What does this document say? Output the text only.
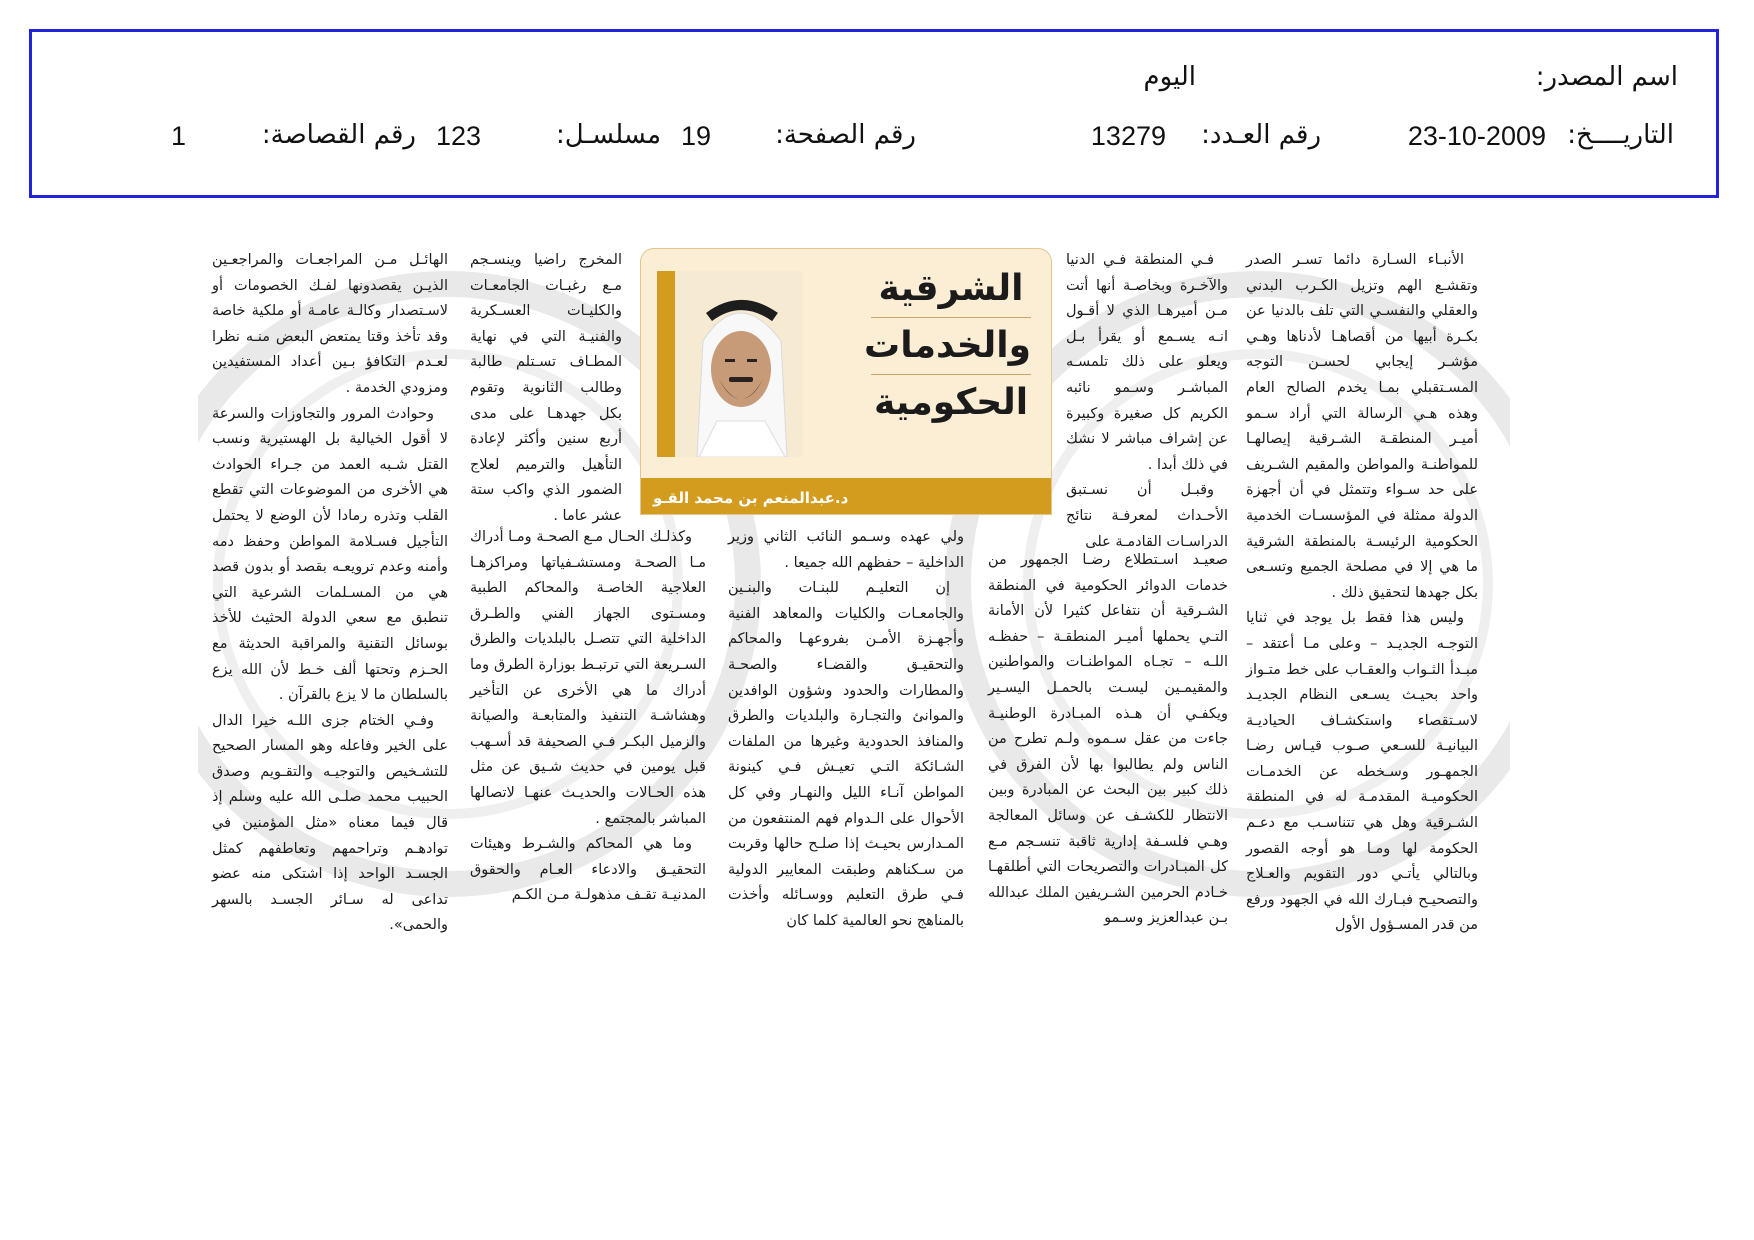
اسم المصدر:
اليوم
التاريــــخ:
23-10-2009
رقم العـدد:
13279
رقم الصفحة:
19
مسلسـل:
123
رقم القصاصة:
1

الأنبـاء السـارة دائما تسـر الصدر وتقشـع الهم وتزيل الكـرب البدني والعقلي والنفسـي التي تلف بالدنيا عن بكـرة أبيها من أقصاهـا لأدناها وهـي مؤشـر إيجابي لحسـن التوجه المسـتقبلي بمـا يخدم الصالح العام وهذه هـي الرسالة التي أراد سـمو أميـر المنطقـة الشـرقية إيصالهـا للمواطنـة والمواطن والمقيم الشـريف على حد سـواء وتتمثل في أن أجهزة الدولة ممثلة في المؤسسـات الخدمية الحكومية الرئيسـة بالمنطقة الشرقية ما هي إلا في مصلحة الجميع وتسـعى بكل جهدها لتحقيق ذلك .

وليس هذا فقط بل يوجد في ثنايا التوجـه الجديـد – وعلى مـا أعتقد – مبـدأ الثـواب والعقـاب على خط متـواز واحد بحيـث يسـعى النظام الجديـد لاسـتقصاء واستكشـاف الحياديـة البيانيـة للسـعي صـوب قيـاس رضـا الجمهـور وسـخطه عن الخدمـات الحكوميـة المقدمـة له في المنطقة الشـرقية وهل هي تتناسـب مع دعـم الحكومة لها ومـا هو أوجه القصور وبالتالي يأتـي دور التقويم والعـلاج والتصحيـح فبـارك الله في الجهود ورفع من قدر المسـؤول الأول

فـي المنطقة فـي الدنيا والآخـرة وبخاصـة أنها أتت مـن أميرهـا الذي لا أقـول انـه يسـمع أو يقرأ بـل ويعلو على ذلك تلمسـه المباشـر وسـمو نائبه الكريم كل صغيرة وكبيرة عن إشراف مباشر لا نشك في ذلك أبدا .

وقبـل أن نسـتبق الأحـداث لمعرفـة نتائج الدراسـات القادمـة على

صعيـد اسـتطلاع رضـا الجمهور من خدمات الدوائر الحكومية في المنطقة الشـرقية أن نتفاعل كثيرا لأن الأمانة التـي يحملها أميـر المنطقـة – حفظـه اللـه – تجـاه المواطنـات والمواطنين والمقيمـين ليسـت بالحمـل اليسـير ويكفـي أن هـذه المبـادرة الوطنيـة جاءت من عقل سـموه ولـم تطرح من الناس ولم يطالبوا بها لأن الفرق في ذلك كبير بين البحث عن المبادرة وبين الانتظار للكشـف عن وسائل المعالجة وهـي فلسـفة إدارية ثاقبة تنسـجم مـع كل المبـادرات والتصريحات التي أطلقهـا خـادم الحرمين الشـريفين الملك عبدالله بـن عبدالعزيز وسـمو

الشرقية
والخدمات
الحكومية
د.عبدالمنعم بن محمد القـو

ولي عهده وسـمو النائب الثاني وزير الداخلية – حفظهم الله جميعا .

إن التعليـم للبنـات والبنـين والجامعـات والكليات والمعاهد الفنية وأجهـزة الأمـن بفروعهـا والمحاكم والتحقيـق والقضـاء والصحـة والمطارات والحدود وشؤون الوافدين والموانئ والتجـارة والبلديات والطرق والمنافذ الحدودية وغيرها من الملفات الشـائكة التـي تعيـش فـي كينونة المواطن آنـاء الليل والنهـار وفي كل الأحوال على الـدوام فهم المنتفعون من المـدارس بحيـث إذا صلـح حالها وقربت من سـكناهم وطبقت المعايير الدولية فـي طرق التعليم ووسـائله وأخذت بالمناهج نحو العالمية كلما كان

المخرج راضيا وينسـجم مـع رغبـات الجامعـات والكليـات العسـكرية والفنيـة التي في نهاية المطـاف تسـتلم طالبة وطالب الثانوية وتقوم بكل جهدهـا على مدى أربع سنين وأكثر لإعادة التأهيل والترميم لعلاج الضمور الذي واكب ستة عشر عاما .

وكذلـك الحـال مـع الصحـة ومـا أدراك مـا الصحـة ومستشـفياتها ومراكزهـا العلاجية الخاصـة والمحاكم الطبية ومسـتوى الجهاز الفني والطـرق الداخلية التي تتصـل بالبلديات والطرق السـريعة التي ترتبـط بوزارة الطرق وما أدراك ما هي الأخرى عن التأخير وهشاشـة التنفيذ والمتابعـة والصيانة والزميل البكـر فـي الصحيفة قد أسـهب قبل يومين في حديث شـيق عن مثل هذه الحـالات والحديـث عنهـا لاتصالها المباشر بالمجتمع .

وما هي المحاكم والشـرط وهيئات التحقيـق والادعاء العـام والحقوق المدنيـة تقـف مذهولـة مـن الكـم

الهائـل مـن المراجعـات والمراجعـين الذيـن يقصدونها لفـك الخصومات أو لاسـتصدار وكالـة عامـة أو ملكية خاصة وقد تأخذ وقتا يمتعض البعض منـه نظرا لعـدم التكافؤ بـين أعداد المستفيدين ومزودي الخدمة .

وحوادث المرور والتجاوزات والسرعة لا أقول الخيالية بل الهستيرية ونسب القتل شـبه العمد من جـراء الحوادث هي الأخرى من الموضوعات التي تقطع القلب وتذره رمادا لأن الوضع لا يحتمل التأجيل فسـلامة المواطن وحفظ دمه وأمنه وعدم ترويعـه بقصد أو بدون قصد هي من المسـلمات الشرعية التي تنطبق مع سعي الدولة الحثيث للأخذ بوسائل التقنية والمراقبة الحديثة مع الحـزم وتحتها ألف خـط لأن الله يزع بالسلطان ما لا يزع بالقرآن .

وفـي الختام جزى اللـه خيرا الدال على الخير وفاعله وهو المسار الصحيح للتشـخيص والتوجيـه والتقـويم وصدق الحبيب محمد صلـى الله عليه وسلم إذ قال فيما معناه «مثل المؤمنين في توادهـم وتراحمهم وتعاطفهم كمثل الجسـد الواحد إذا اشتكى منه عضو تداعى له سـائر الجسـد بالسهر والحمى».
